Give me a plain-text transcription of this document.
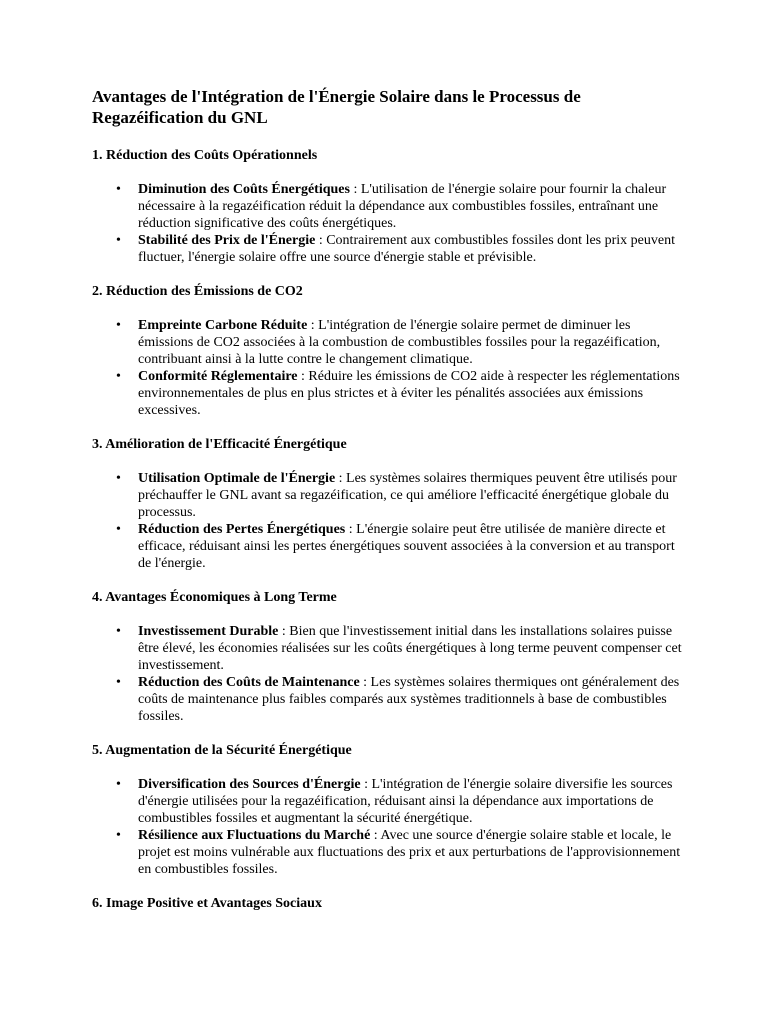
Avantages de l'Intégration de l'Énergie Solaire dans le Processus de Regazéification du GNL
1. Réduction des Coûts Opérationnels
• Diminution des Coûts Énergétiques : L'utilisation de l'énergie solaire pour fournir la chaleur nécessaire à la regazéification réduit la dépendance aux combustibles fossiles, entraînant une réduction significative des coûts énergétiques.
• Stabilité des Prix de l'Énergie : Contrairement aux combustibles fossiles dont les prix peuvent fluctuer, l'énergie solaire offre une source d'énergie stable et prévisible.
2. Réduction des Émissions de CO2
• Empreinte Carbone Réduite : L'intégration de l'énergie solaire permet de diminuer les émissions de CO2 associées à la combustion de combustibles fossiles pour la regazéification, contribuant ainsi à la lutte contre le changement climatique.
• Conformité Réglementaire : Réduire les émissions de CO2 aide à respecter les réglementations environnementales de plus en plus strictes et à éviter les pénalités associées aux émissions excessives.
3. Amélioration de l'Efficacité Énergétique
• Utilisation Optimale de l'Énergie : Les systèmes solaires thermiques peuvent être utilisés pour préchauffer le GNL avant sa regazéification, ce qui améliore l'efficacité énergétique globale du processus.
• Réduction des Pertes Énergétiques : L'énergie solaire peut être utilisée de manière directe et efficace, réduisant ainsi les pertes énergétiques souvent associées à la conversion et au transport de l'énergie.
4. Avantages Économiques à Long Terme
• Investissement Durable : Bien que l'investissement initial dans les installations solaires puisse être élevé, les économies réalisées sur les coûts énergétiques à long terme peuvent compenser cet investissement.
• Réduction des Coûts de Maintenance : Les systèmes solaires thermiques ont généralement des coûts de maintenance plus faibles comparés aux systèmes traditionnels à base de combustibles fossiles.
5. Augmentation de la Sécurité Énergétique
• Diversification des Sources d'Énergie : L'intégration de l'énergie solaire diversifie les sources d'énergie utilisées pour la regazéification, réduisant ainsi la dépendance aux importations de combustibles fossiles et augmentant la sécurité énergétique.
• Résilience aux Fluctuations du Marché : Avec une source d'énergie solaire stable et locale, le projet est moins vulnérable aux fluctuations des prix et aux perturbations de l'approvisionnement en combustibles fossiles.
6. Image Positive et Avantages Sociaux
